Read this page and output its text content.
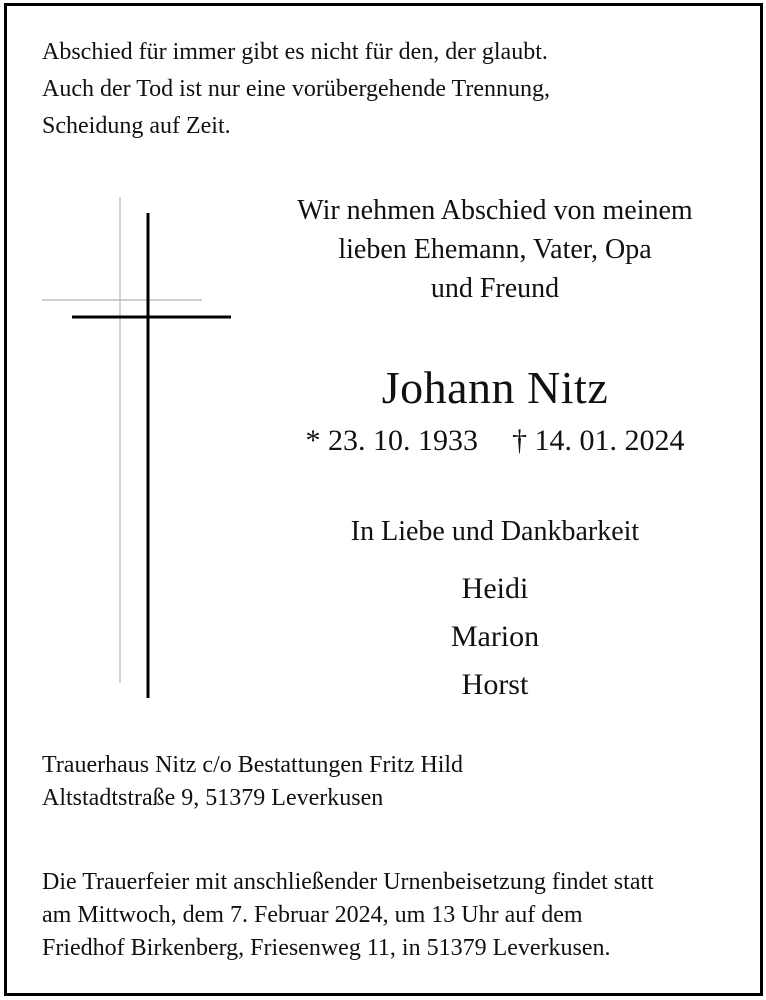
Abschied für immer gibt es nicht für den, der glaubt.
Auch der Tod ist nur eine vorübergehende Trennung,
Scheidung auf Zeit.
Wir nehmen Abschied von meinem
lieben Ehemann, Vater, Opa
und Freund
Johann Nitz
* 23. 10. 1933 † 14. 01. 2024
In Liebe und Dankbarkeit
Heidi
Marion
Horst
Trauerhaus Nitz c/o Bestattungen Fritz Hild
Altstadtstraße 9, 51379 Leverkusen
Die Trauerfeier mit anschließender Urnenbeisetzung findet statt
am Mittwoch, dem 7. Februar 2024, um 13 Uhr auf dem
Friedhof Birkenberg, Friesenweg 11, in 51379 Leverkusen.
